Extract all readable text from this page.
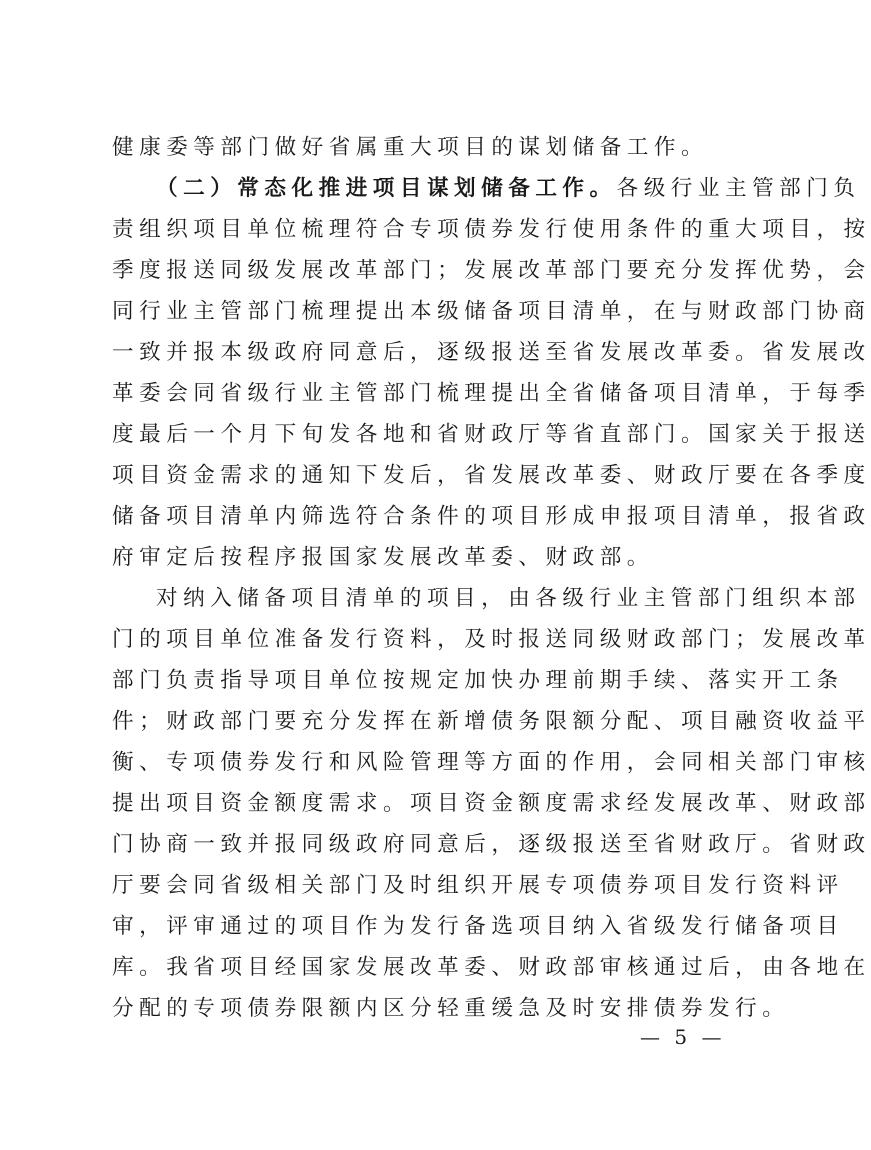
健康委等部门做好省属重大项目的谋划储备工作。
（二）常态化推进项目谋划储备工作。各级行业主管部门负
责组织项目单位梳理符合专项债券发行使用条件的重大项目，按
季度报送同级发展改革部门；发展改革部门要充分发挥优势，会
同行业主管部门梳理提出本级储备项目清单，在与财政部门协商
一致并报本级政府同意后，逐级报送至省发展改革委。省发展改
革委会同省级行业主管部门梳理提出全省储备项目清单，于每季
度最后一个月下旬发各地和省财政厅等省直部门。国家关于报送
项目资金需求的通知下发后，省发展改革委、财政厅要在各季度
储备项目清单内筛选符合条件的项目形成申报项目清单，报省政
府审定后按程序报国家发展改革委、财政部。
对纳入储备项目清单的项目，由各级行业主管部门组织本部
门的项目单位准备发行资料，及时报送同级财政部门；发展改革
部门负责指导项目单位按规定加快办理前期手续、落实开工条
件；财政部门要充分发挥在新增债务限额分配、项目融资收益平
衡、专项债券发行和风险管理等方面的作用，会同相关部门审核
提出项目资金额度需求。项目资金额度需求经发展改革、财政部
门协商一致并报同级政府同意后，逐级报送至省财政厅。省财政
厅要会同省级相关部门及时组织开展专项债券项目发行资料评
审，评审通过的项目作为发行备选项目纳入省级发行储备项目
库。我省项目经国家发展改革委、财政部审核通过后，由各地在
分配的专项债券限额内区分轻重缓急及时安排债券发行。
— 5 —
